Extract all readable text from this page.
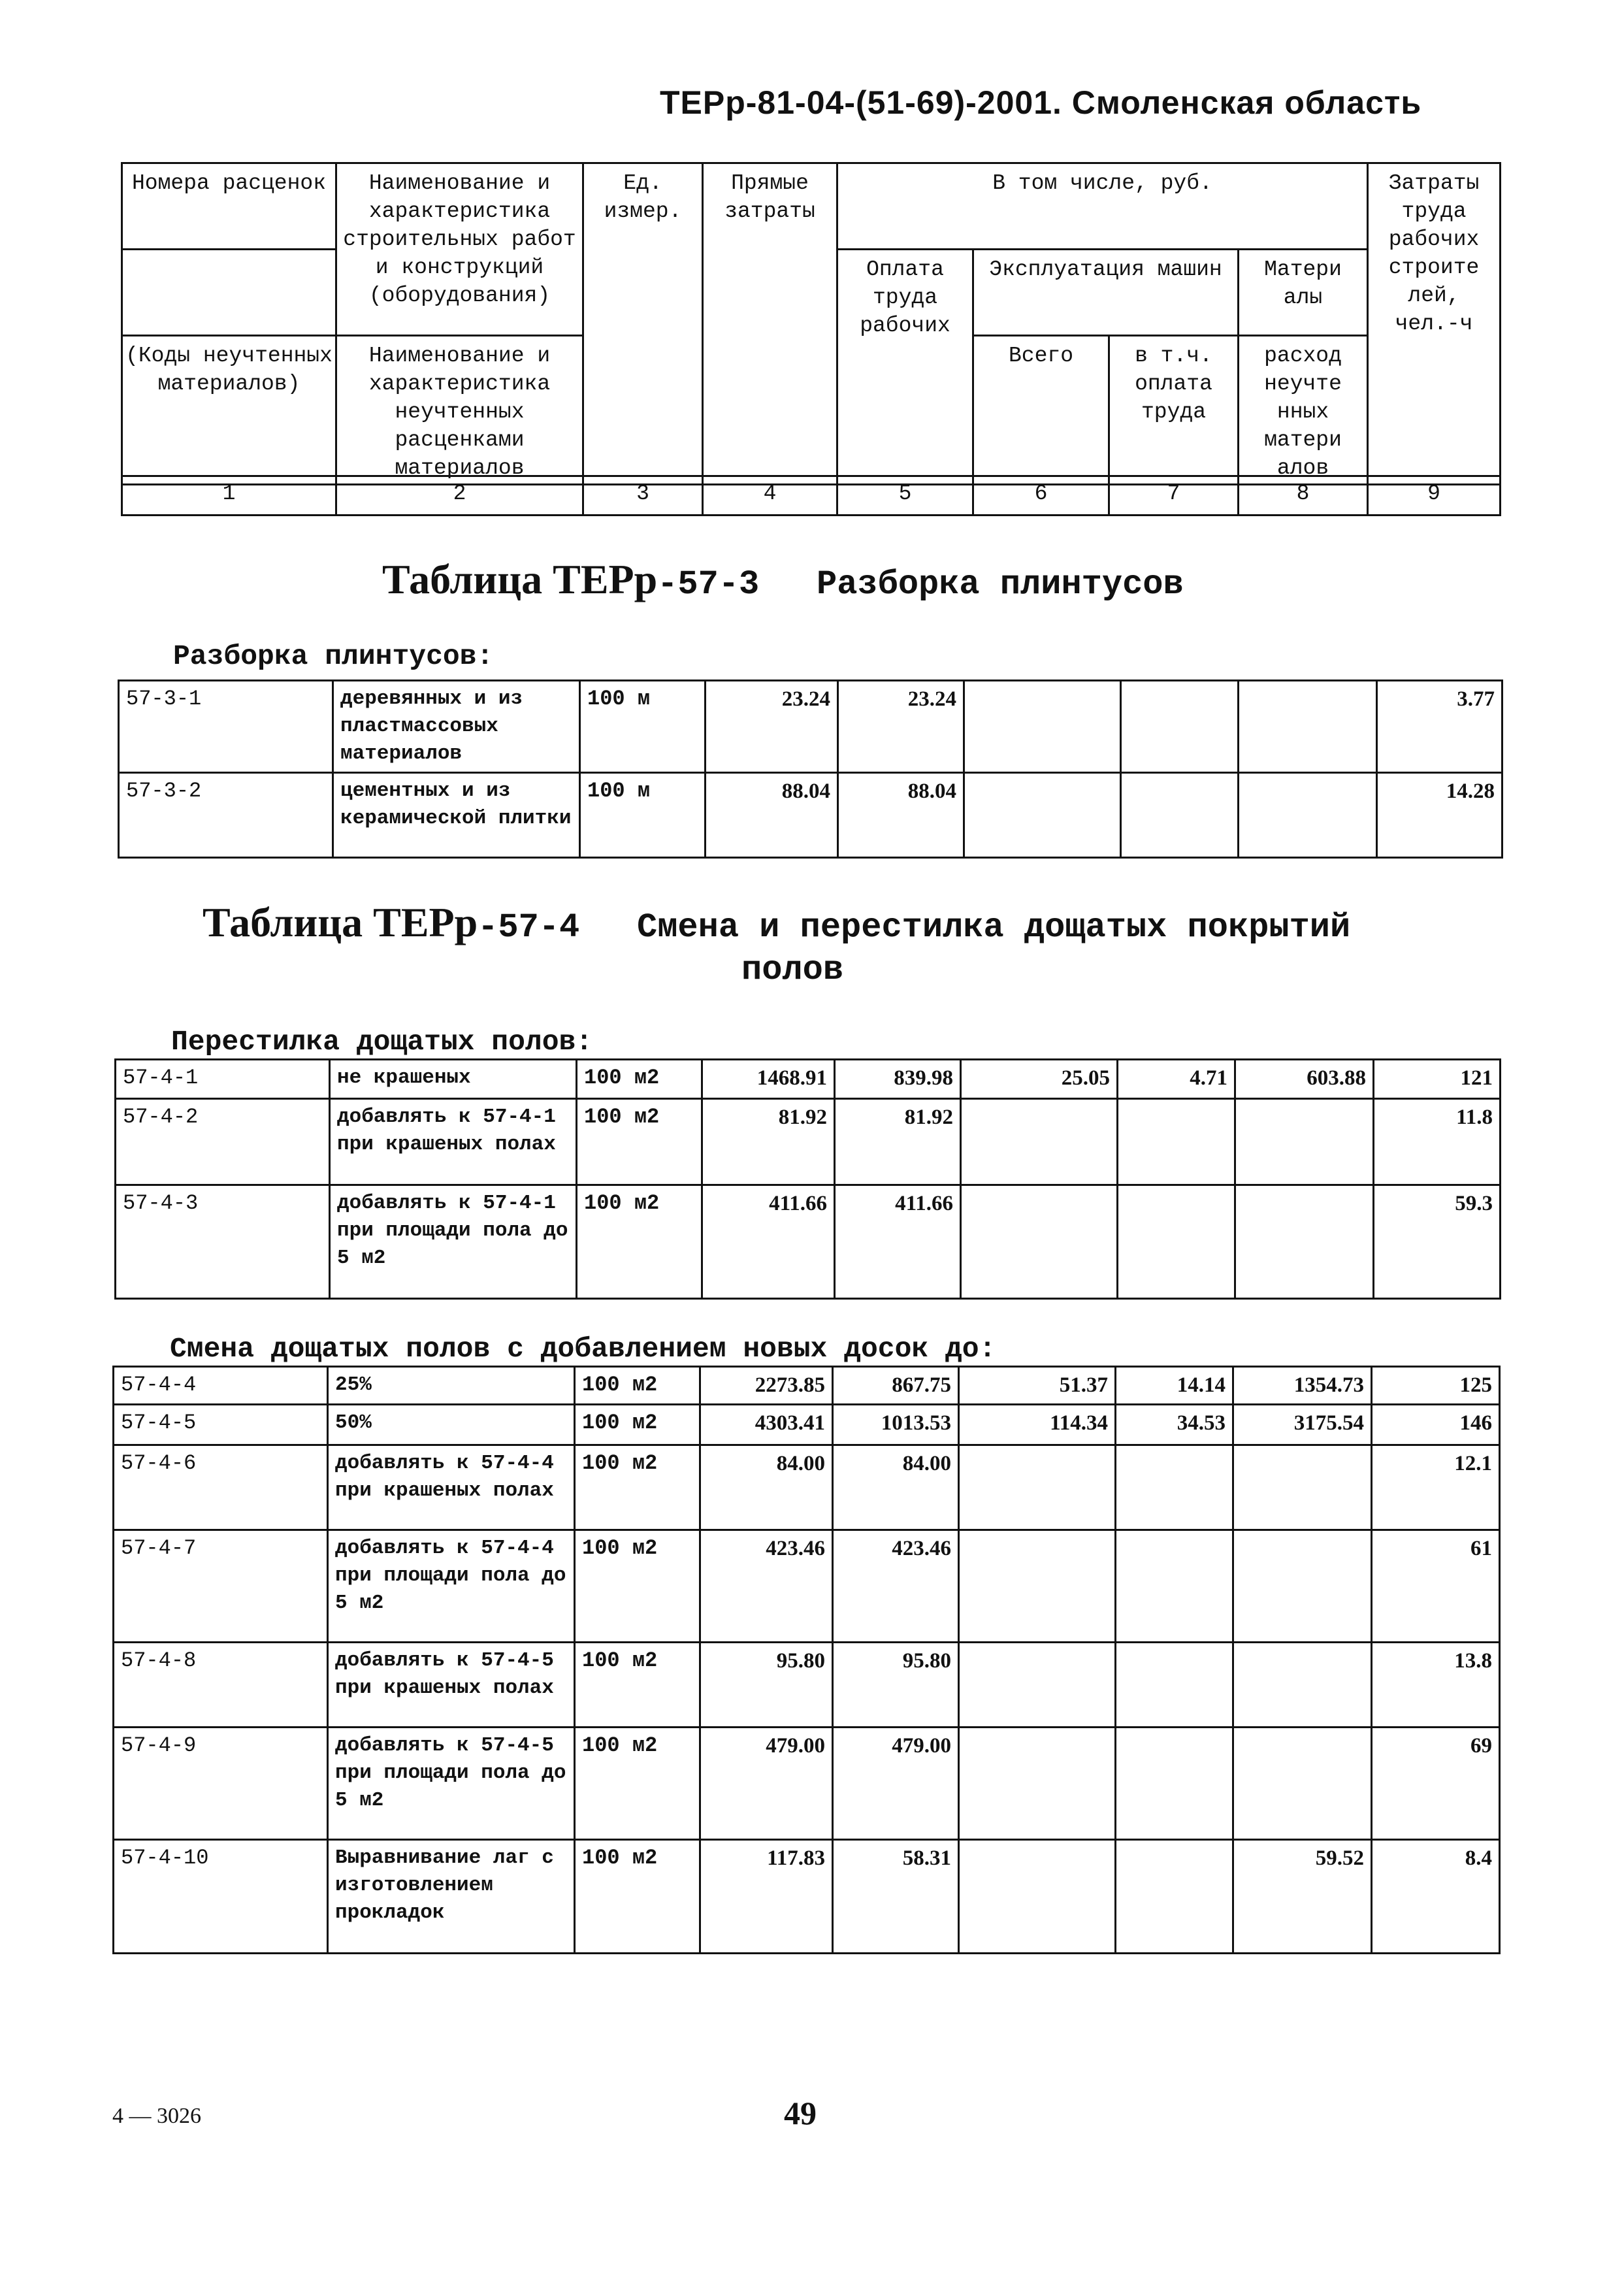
ТЕРр-81-04-(51-69)-2001. Смоленская область
Номера расценок	Наименование и характеристика строительных работ и конструкций (оборудования)	Ед. измер.	Прямые затраты	В том числе, руб.				Затраты труда рабочих строите лей, чел.-ч
				Оплата труда рабочих	Эксплуатация машин		Матери алы	
(Коды неучтенных материалов)	Наименование и характеристика неучтенных расценками материалов				Всего	в т.ч. оплата труда	расход неучте нных матери алов	
1	2	3	4	5	6	7	8	9
Таблица ТЕРр-57-3 Разборка плинтусов
Разборка плинтусов:
57-3-1	деревянных и из пластмассовых материалов	100 м	23.24	23.24				3.77
57-3-2	цементных и из керамической плитки	100 м	88.04	88.04				14.28
Таблица ТЕРр-57-4 Смена и перестилка дощатых покрытий
полов
Перестилка дощатых полов:
57-4-1	не крашеных	100 м2	1468.91	839.98	25.05	4.71	603.88	121
57-4-2	добавлять к 57-4-1 при крашеных полах	100 м2	81.92	81.92				11.8
57-4-3	добавлять к 57-4-1 при площади пола до 5 м2	100 м2	411.66	411.66				59.3
Смена дощатых полов с добавлением новых досок до:
57-4-4	25%	100 м2	2273.85	867.75	51.37	14.14	1354.73	125
57-4-5	50%	100 м2	4303.41	1013.53	114.34	34.53	3175.54	146
57-4-6	добавлять к 57-4-4 при крашеных полах	100 м2	84.00	84.00				12.1
57-4-7	добавлять к 57-4-4 при площади пола до 5 м2	100 м2	423.46	423.46				61
57-4-8	добавлять к 57-4-5 при крашеных полах	100 м2	95.80	95.80				13.8
57-4-9	добавлять к 57-4-5 при площади пола до 5 м2	100 м2	479.00	479.00				69
57-4-10	Выравнивание лаг с изготовлением прокладок	100 м2	117.83	58.31			59.52	8.4
4 — 3026	49
